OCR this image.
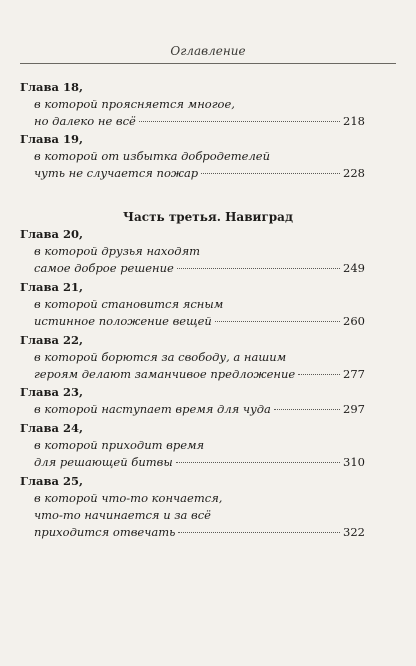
Оглавление
Глава 18,
в которой проясняется многое,
но далеко не всё	218
Глава 19,
в которой от избытка добродетелей
чуть не случается пожар	228
Часть третья. Навиград
Глава 20,
в которой друзья находят
самое доброе решение	249
Глава 21,
в которой становится ясным
истинное положение вещей	260
Глава 22,
в которой борются за свободу, а нашим
героям делают заманчивое предложение	277
Глава 23,
в которой наступает время для чуда	297
Глава 24,
в которой приходит время
для решающей битвы	310
Глава 25,
в которой что-то кончается,
что-то начинается и за всё
приходится отвечать	322
